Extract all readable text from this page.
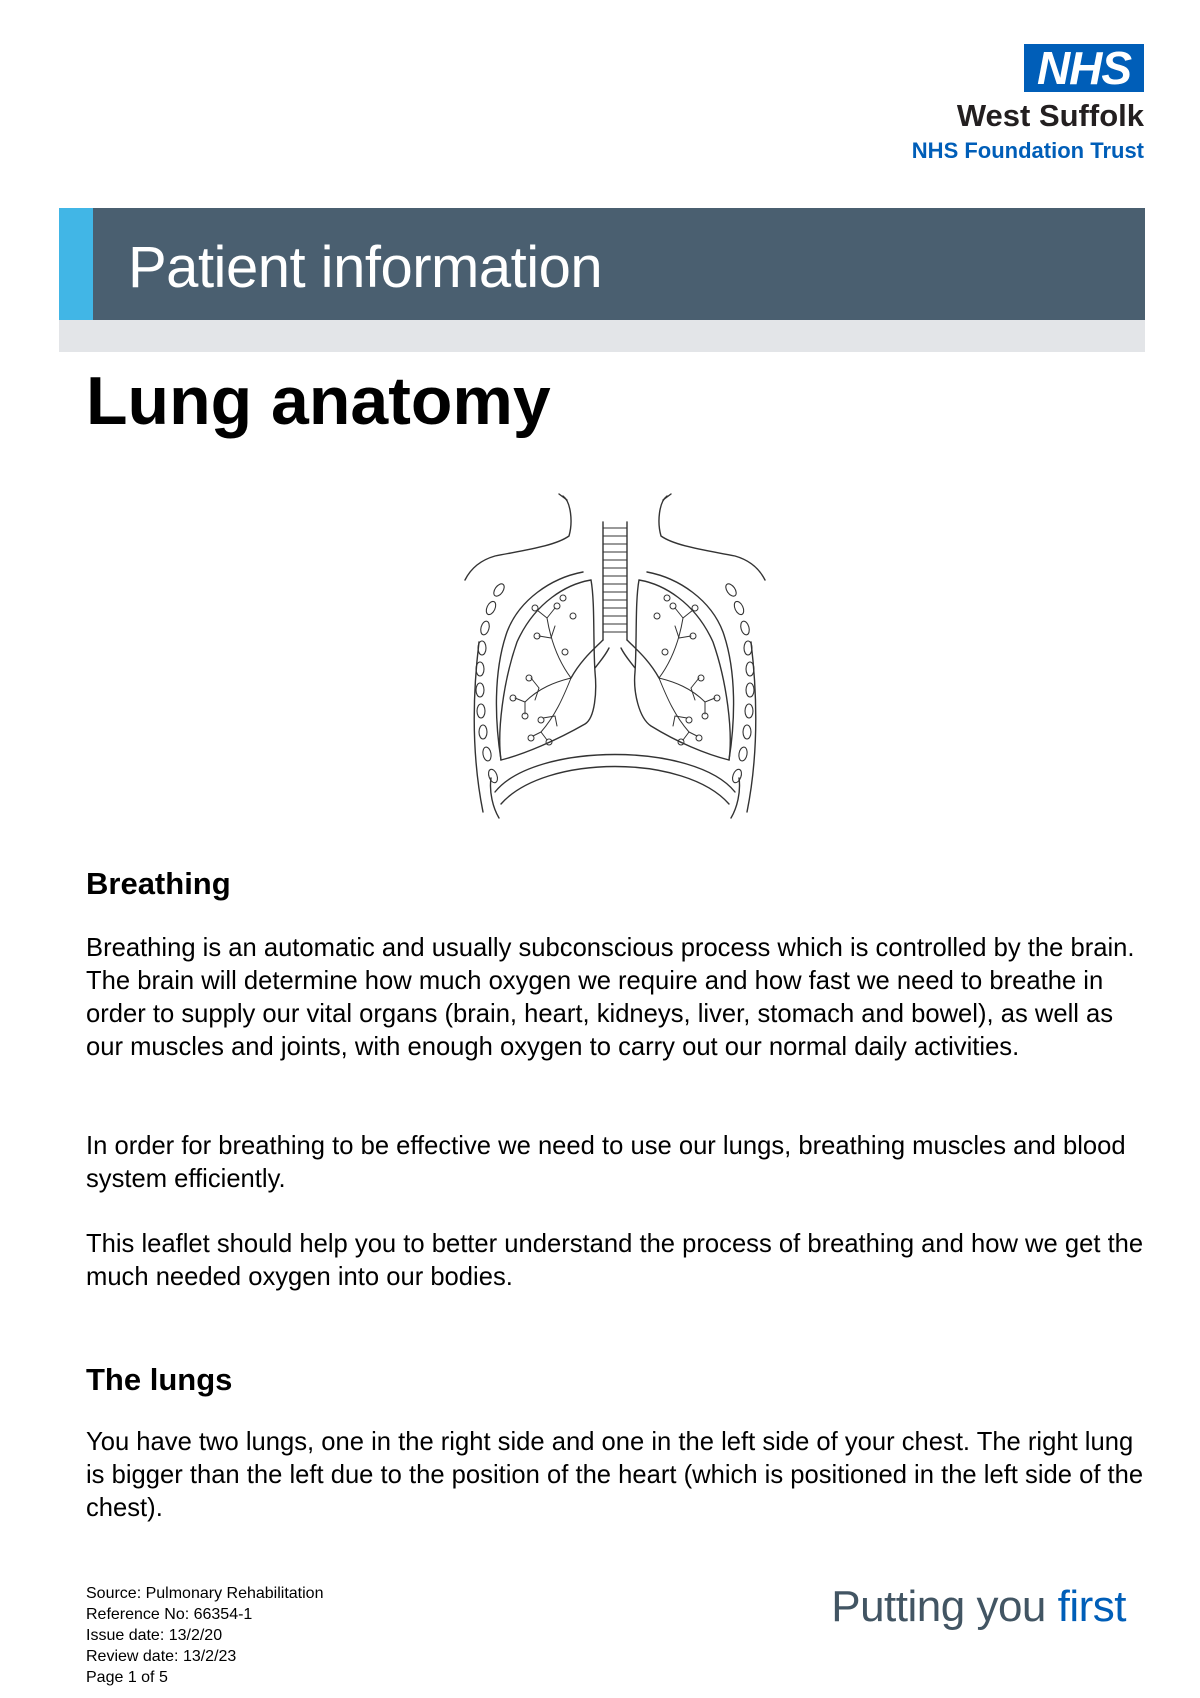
NHS
West Suffolk
NHS Foundation Trust
Patient information
Lung anatomy
Breathing

Breathing is an automatic and usually subconscious process which is controlled by the brain. The brain will determine how much oxygen we require and how fast we need to breathe in order to supply our vital organs (brain, heart, kidneys, liver, stomach and bowel), as well as our muscles and joints, with enough oxygen to carry out our normal daily activities.

In order for breathing to be effective we need to use our lungs, breathing muscles and blood system efficiently.

This leaflet should help you to better understand the process of breathing and how we get the much needed oxygen into our bodies.

The lungs

You have two lungs, one in the right side and one in the left side of your chest. The right lung is bigger than the left due to the position of the heart (which is positioned in the left side of the chest).

Source: Pulmonary Rehabilitation
Reference No: 66354-1
Issue date: 13/2/20
Review date: 13/2/23
Page 1 of 5
Putting you first
